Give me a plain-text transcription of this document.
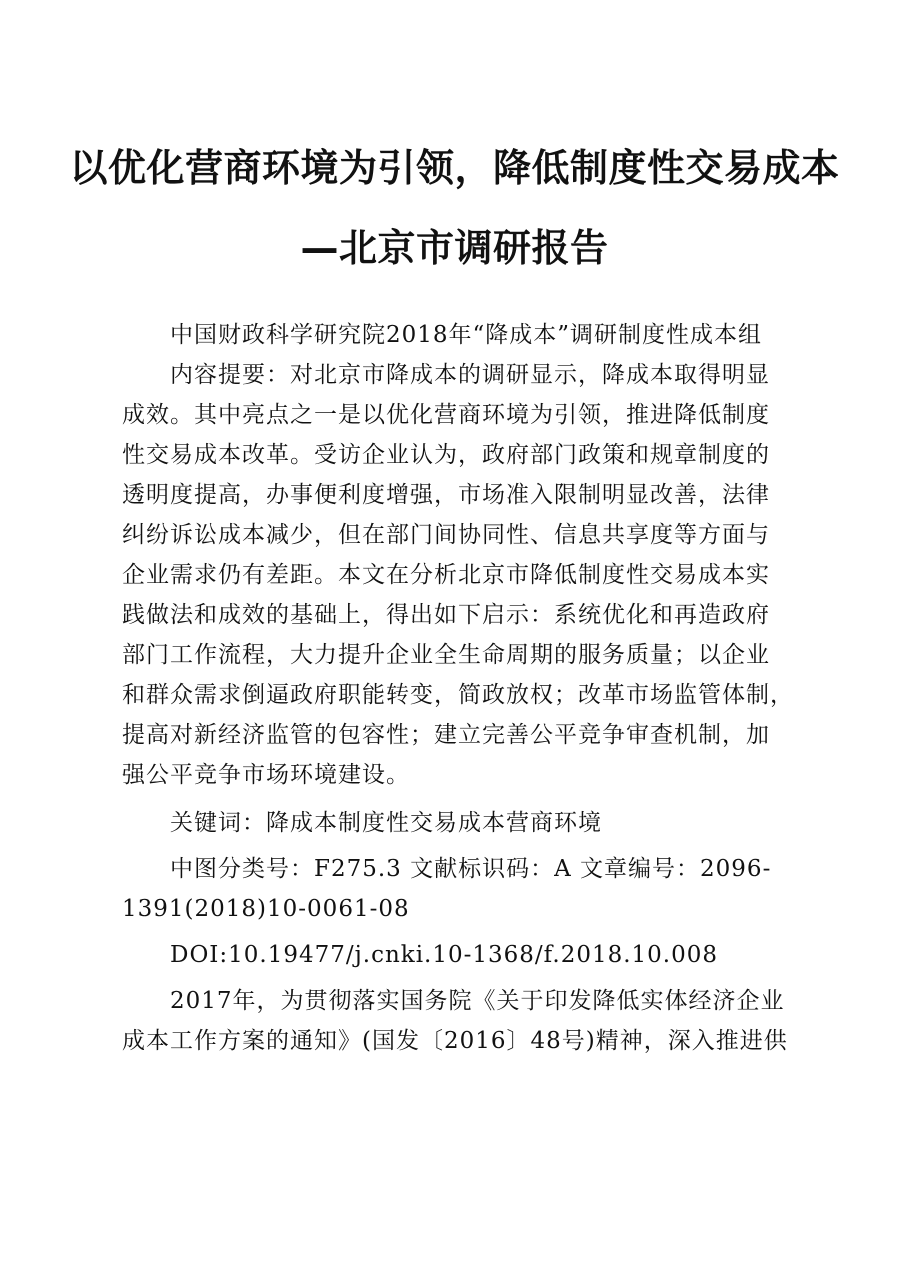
以优化营商环境为引领，降低制度性交易成本
—北京市调研报告

中国财政科学研究院2018年“降成本”调研制度性成本组

内容提要：对北京市降成本的调研显示，降成本取得明显

成效。其中亮点之一是以优化营商环境为引领，推进降低制度

性交易成本改革。受访企业认为，政府部门政策和规章制度的

透明度提高，办事便利度增强，市场准入限制明显改善，法律

纠纷诉讼成本减少，但在部门间协同性、信息共享度等方面与

企业需求仍有差距。本文在分析北京市降低制度性交易成本实

践做法和成效的基础上，得出如下启示：系统优化和再造政府

部门工作流程，大力提升企业全生命周期的服务质量；以企业

和群众需求倒逼政府职能转变，简政放权；改革市场监管体制，

提高对新经济监管的包容性；建立完善公平竞争审查机制，加

强公平竞争市场环境建设。

关键词：降成本制度性交易成本营商环境

中图分类号：F275.3 文献标识码：A 文章编号：2096-

1391(2018)10-0061-08

DOI:10.19477/j.cnki.10-1368/f.2018.10.008

2017年，为贯彻落实国务院《关于印发降低实体经济企业

成本工作方案的通知》(国发〔2016〕48号)精神，深入推进供
